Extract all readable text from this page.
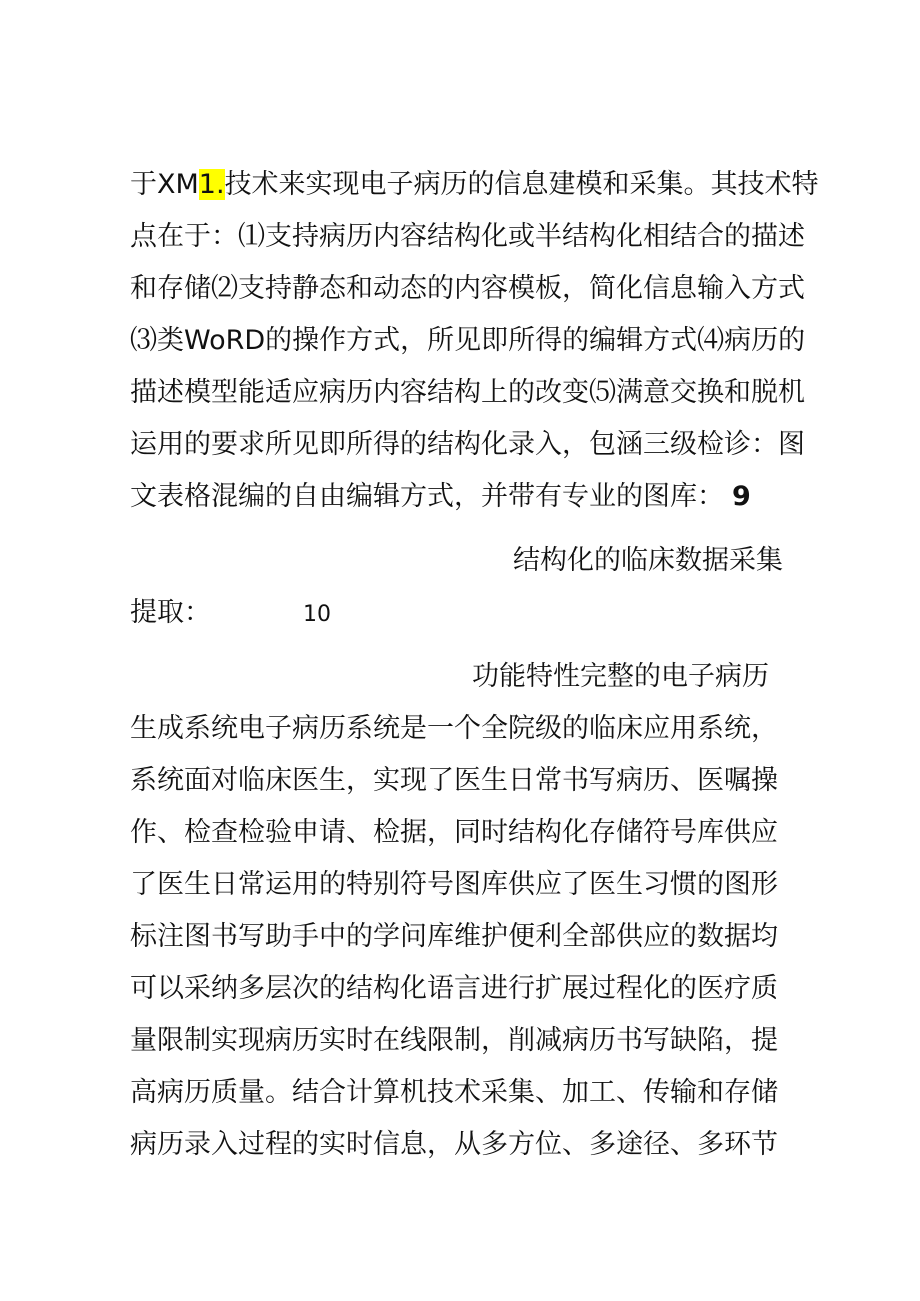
于XM1.技术来实现电子病历的信息建模和采集。其技术特
点在于：⑴支持病历内容结构化或半结构化相结合的描述
和存储⑵支持静态和动态的内容模板，简化信息输入方式
⑶类WoRD的操作方式，所见即所得的编辑方式⑷病历的
描述模型能适应病历内容结构上的改变⑸满意交换和脱机
运用的要求所见即所得的结构化录入，包涵三级检诊：图
文表格混编的自由编辑方式，并带有专业的图库： 9
结构化的临床数据采集
提取：	10
功能特性完整的电子病历
生成系统电子病历系统是一个全院级的临床应用系统，
系统面对临床医生，实现了医生日常书写病历、医嘱操
作、检查检验申请、检据，同时结构化存储符号库供应
了医生日常运用的特别符号图库供应了医生习惯的图形
标注图书写助手中的学问库维护便利全部供应的数据均
可以采纳多层次的结构化语言进行扩展过程化的医疗质
量限制实现病历实时在线限制，削减病历书写缺陷，提
高病历质量。结合计算机技术采集、加工、传输和存储
病历录入过程的实时信息，从多方位、多途径、多环节
